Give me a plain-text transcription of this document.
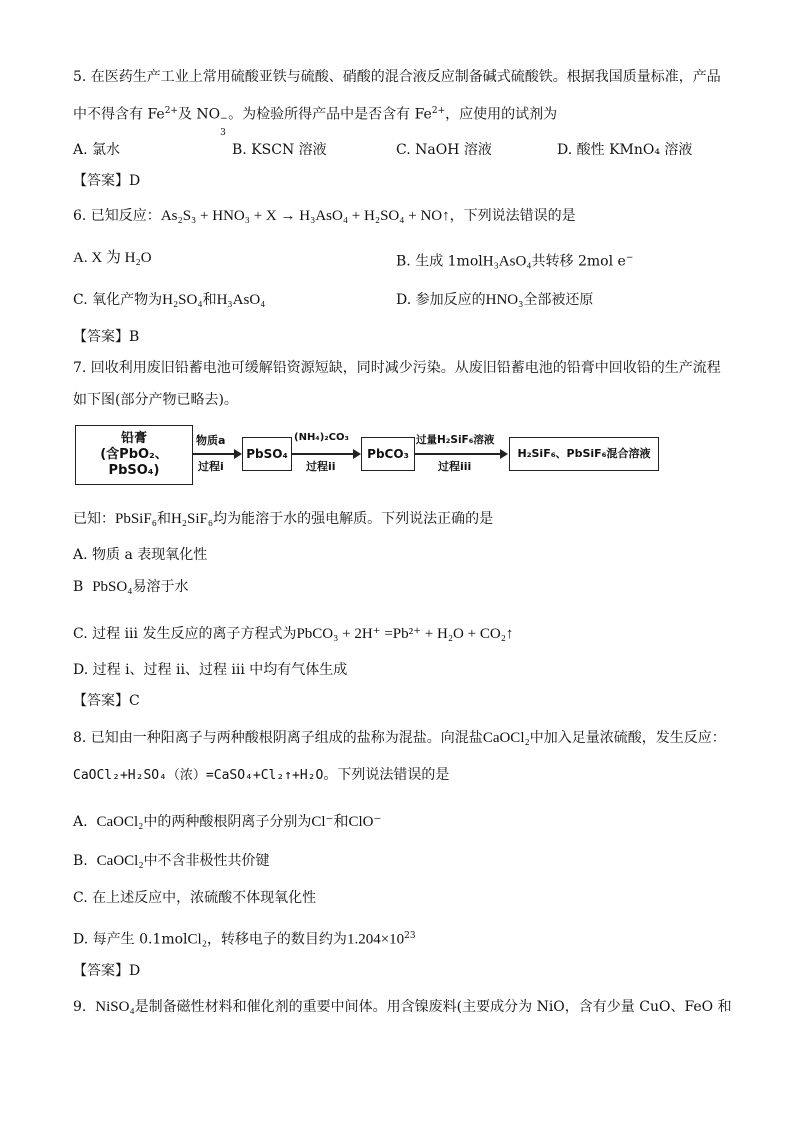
5. 在医药生产工业上常用硫酸亚铁与硫酸、硝酸的混合液反应制备碱式硫酸铁。根据我国质量标准，产品
中不得含有 $Fe^{2+}$及 NO −
3
。为检验所得产品中是否含有 $Fe^{2+}$，应使用的试剂为
A. 氯水	B. KSCN 溶液	C. NaOH 溶液	D. 酸性 KMnO₄ 溶液
【答案】D
6. 已知反应：As₂S₃ + HNO₃ + X → H₃AsO₄ + H₂SO₄ + NO↑，下列说法错误的是
A. X 为 H₂O	B. 生成 1molH₃AsO₄共转移 2mol e−
C. 氧化产物为H₂SO₄和H₃AsO₄	D. 参加反应的HNO₃全部被还原
【答案】B
7. 回收利用废旧铅蓄电池可缓解铅资源短缺，同时减少污染。从废旧铅蓄电池的铅膏中回收铅的生产流程
如下图(部分产物已略去)。
铅膏
(含PbO₂、PbSO₄)
物质a
过程i
PbSO₄
(NH₄)₂CO₃
过程ii
PbCO₃
过量H₂SiF₆溶液
过程iii
H₂SiF₆、PbSiF₆混合溶液
已知：PbSiF₆和H₂SiF₆均为能溶于水的强电解质。下列说法正确的是
A. 物质 a 表现氧化性
B PbSO₄易溶于水
C. 过程 iii 发生反应的离子方程式为PbCO₃ + 2H⁺ =Pb²⁺ + H₂O + CO₂↑
D. 过程 i、过程 ii、过程 iii 中均有气体生成
【答案】C
8. 已知由一种阳离子与两种酸根阴离子组成的盐称为混盐。向混盐CaOCl₂中加入足量浓硫酸，发生反应：
CaOCl₂+H₂SO₄（浓）=CaSO₄+Cl₂↑+H₂O。下列说法错误的是
A. CaOCl₂中的两种酸根阴离子分别为Cl⁻和ClO⁻
B. CaOCl₂中不含非极性共价键
C. 在上述反应中，浓硫酸不体现氧化性
D. 每产生 0.1molCl₂，转移电子的数目约为$1.204\times 10^{23}$
【答案】D
9. NiSO₄是制备磁性材料和催化剂的重要中间体。用含镍废料(主要成分为 NiO，含有少量 CuO、FeO 和
